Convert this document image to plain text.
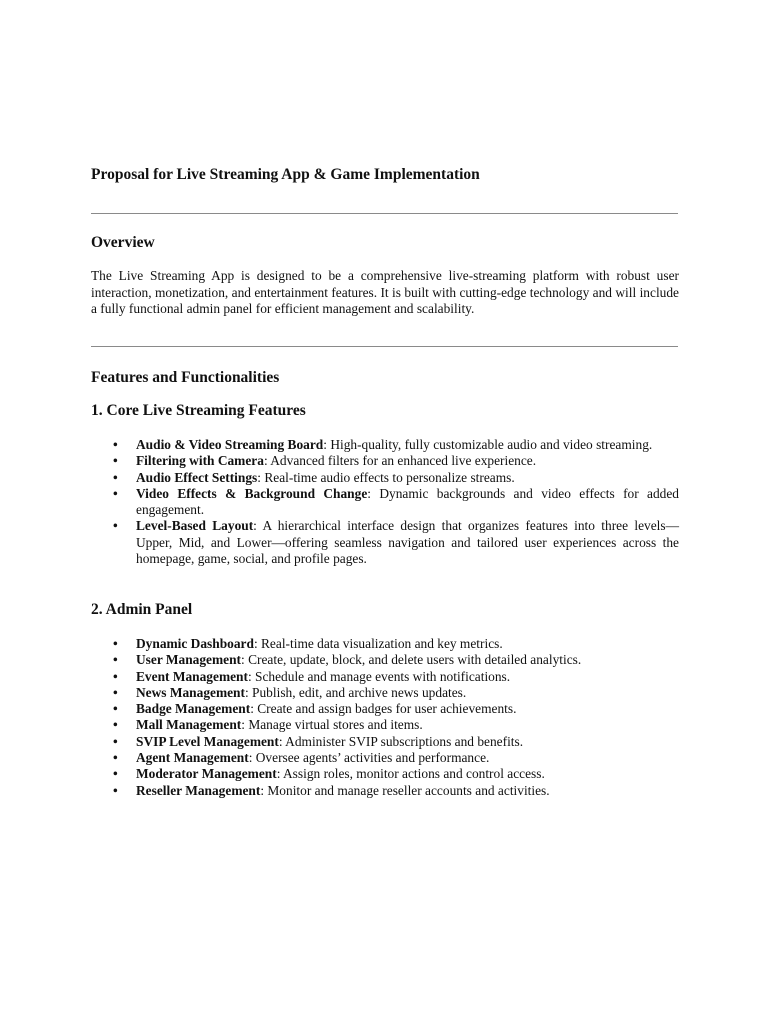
Proposal for Live Streaming App & Game Implementation
Overview

The Live Streaming App is designed to be a comprehensive live-streaming platform with robust user interaction, monetization, and entertainment features. It is built with cutting-edge technology and will include a fully functional admin panel for efficient management and scalability.

Features and Functionalities
1. Core Live Streaming Features
• Audio & Video Streaming Board: High-quality, fully customizable audio and video streaming.
• Filtering with Camera: Advanced filters for an enhanced live experience.
• Audio Effect Settings: Real-time audio effects to personalize streams.
• Video Effects & Background Change: Dynamic backgrounds and video effects for added engagement.
• Level-Based Layout: A hierarchical interface design that organizes features into three levels—Upper, Mid, and Lower—offering seamless navigation and tailored user experiences across the homepage, game, social, and profile pages.
2. Admin Panel
• Dynamic Dashboard: Real-time data visualization and key metrics.
• User Management: Create, update, block, and delete users with detailed analytics.
• Event Management: Schedule and manage events with notifications.
• News Management: Publish, edit, and archive news updates.
• Badge Management: Create and assign badges for user achievements.
• Mall Management: Manage virtual stores and items.
• SVIP Level Management: Administer SVIP subscriptions and benefits.
• Agent Management: Oversee agents’ activities and performance.
• Moderator Management: Assign roles, monitor actions and control access.
• Reseller Management: Monitor and manage reseller accounts and activities.
